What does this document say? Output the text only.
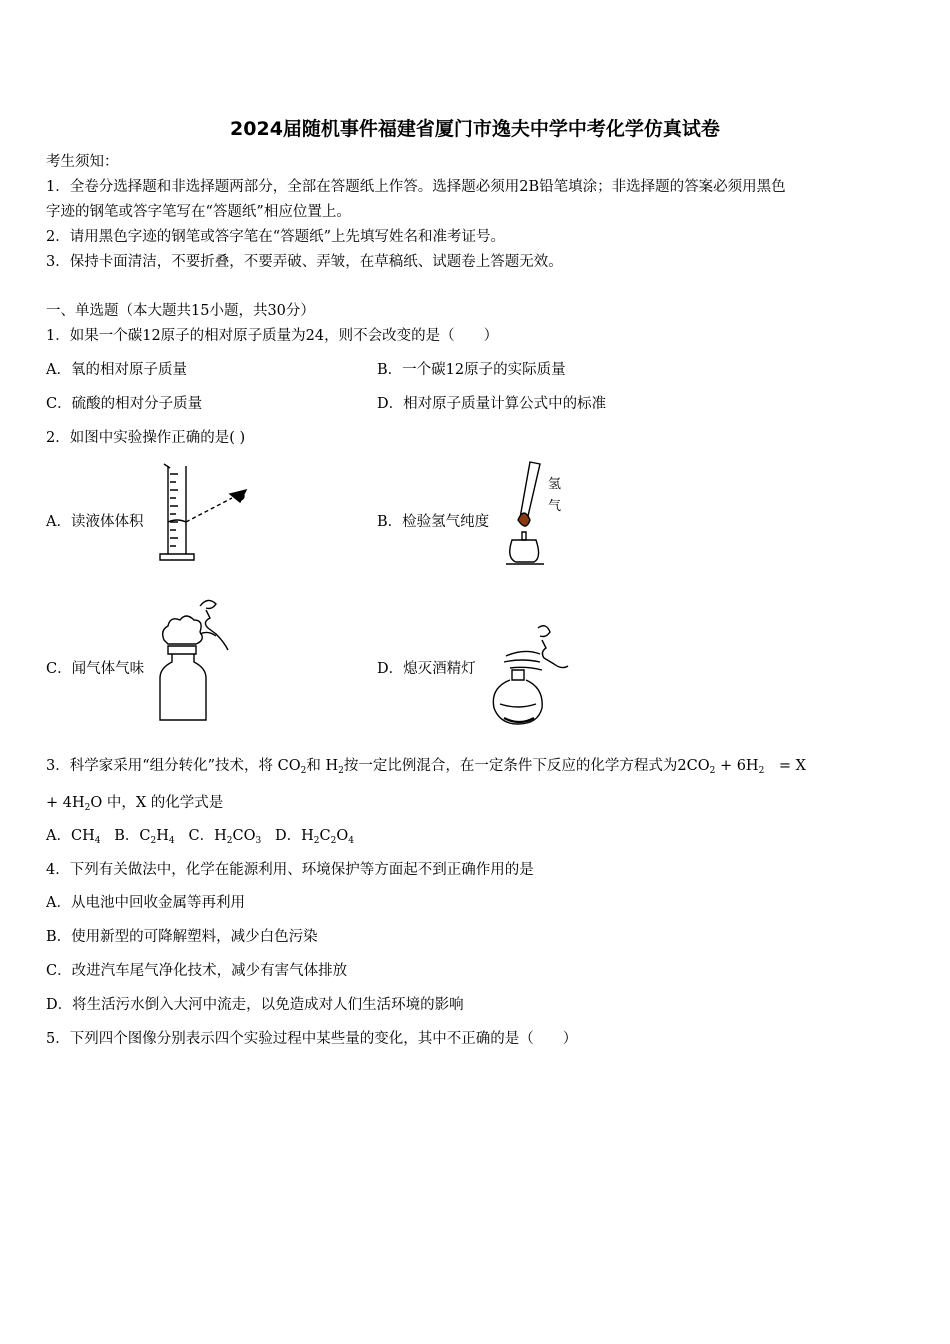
2024届随机事件福建省厦门市逸夫中学中考化学仿真试卷
考生须知：
1．全卷分选择题和非选择题两部分，全部在答题纸上作答。选择题必须用2B铅笔填涂；非选择题的答案必须用黑色
字迹的钢笔或答字笔写在“答题纸”相应位置上。
2．请用黑色字迹的钢笔或答字笔在“答题纸”上先填写姓名和准考证号。
3．保持卡面清洁，不要折叠，不要弄破、弄皱，在草稿纸、试题卷上答题无效。
一、单选题（本大题共15小题，共30分）
1．如果一个碳12原子的相对原子质量为24，则不会改变的是（　　）
A．氧的相对原子质量	B．一个碳12原子的实际质量
C．硫酸的相对分子质量	D．相对原子质量计算公式中的标准
2．如图中实验操作正确的是( )
A．读液体体积	B．检验氢气纯度
C．闻气体气味	D．熄灭酒精灯
氢
气
3．科学家采用“组分转化”技术，将 $CO_2$和 $H_2$按一定比例混合，在一定条件下反应的化学方程式为$2CO_2 + 6H_2$　= X
+ $4H_2O$ 中，X 的化学式是
A．$CH_4$ B．$C_2H_4$ C．$H_2CO_3$ D．$H_2C_2O_4$
4．下列有关做法中，化学在能源利用、环境保护等方面起不到正确作用的是
A．从电池中回收金属等再利用
B．使用新型的可降解塑料，减少白色污染
C．改进汽车尾气净化技术，减少有害气体排放
D．将生活污水倒入大河中流走，以免造成对人们生活环境的影响
5．下列四个图像分别表示四个实验过程中某些量的变化，其中不正确的是（　　）
